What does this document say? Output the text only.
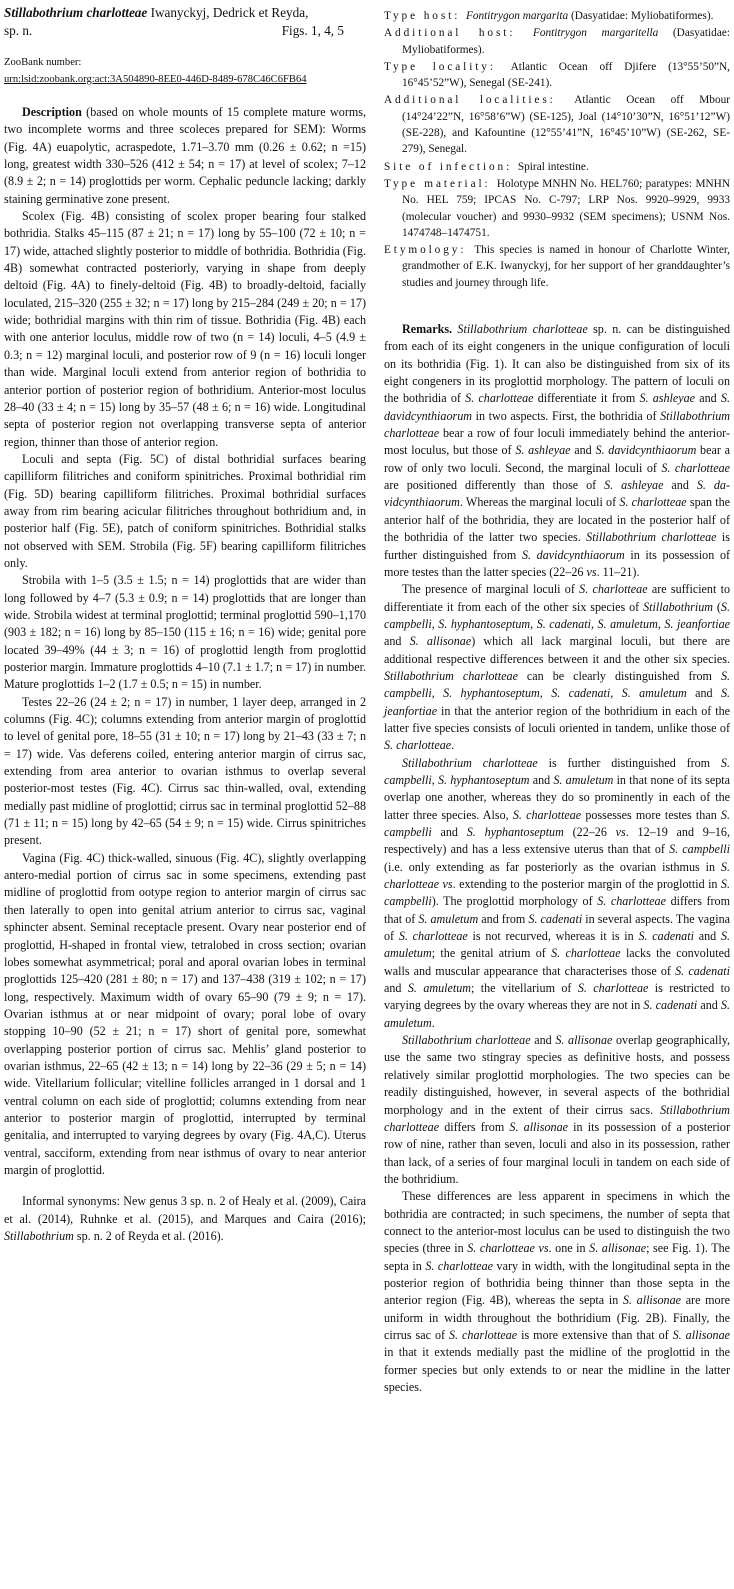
Stillabothrium charlotteae Iwanyckyj, Dedrick et Reyda,
sp. n.	Figs. 1, 4, 5
ZooBank number:
urn:lsid:zoobank.org:act:3A504890-8EE0-446D-8489-678C46C6FB64

Description (based on whole mounts of 15 complete mature worms, two incomplete worms and three scoleces prepared for SEM): Worms (Fig. 4A) euapolytic, acraspedote, 1.71–3.70 mm (0.26 ± 0.62; n =15) long, greatest width 330–526 (412 ± 54; n = 17) at level of scolex; 7–12 (8.9 ± 2; n = 14) proglottids per worm. Cephalic peduncle lacking; darkly staining germinative zone present.

Scolex (Fig. 4B) consisting of scolex proper bearing four stalked bothridia. Stalks 45–115 (87 ± 21; n = 17) long by 55–100 (72 ± 10; n = 17) wide, attached slightly posterior to middle of bothridia. Bothridia (Fig. 4B) somewhat contracted posteriorly, varying in shape from deeply deltoid (Fig. 4A) to finely-deltoid (Fig. 4B) to broadly-deltoid, facially loculated, 215–320 (255 ± 32; n = 17) long by 215–284 (249 ± 20; n = 17) wide; bothridial margins with thin rim of tissue. Bothridia (Fig. 4B) each with one anterior loculus, middle row of two (n = 14) loculi, 4–5 (4.9 ± 0.3; n = 12) marginal loculi, and posterior row of 9 (n = 16) loculi longer than wide. Marginal loculi extend from anterior region of bothridia to anterior portion of posterior region of bothridium. Anterior-most loculus 28–40 (33 ± 4; n = 15) long by 35–57 (48 ± 6; n = 16) wide. Longitudinal septa of posterior region not overlapping transverse septa of anterior region, thinner than those of anterior region.

Loculi and septa (Fig. 5C) of distal bothridial surfaces bearing capilliform filitriches and coniform spinitriches. Proximal bothridial rim (Fig. 5D) bearing capilliform filitriches. Proximal bothridial surfaces away from rim bearing acicular filitriches throughout bothridium and, in posterior half (Fig. 5E), patch of coniform spinitriches. Bothridial stalks not observed with SEM. Strobila (Fig. 5F) bearing capilliform filitriches only.

Strobila with 1–5 (3.5 ± 1.5; n = 14) proglottids that are wider than long followed by 4–7 (5.3 ± 0.9; n = 14) proglottids that are longer than wide. Strobila widest at terminal proglottid; terminal proglottid 590–1,170 (903 ± 182; n = 16) long by 85–150 (115 ± 16; n = 16) wide; genital pore located 39–49% (44 ± 3; n = 16) of proglottid length from proglottid posterior margin. Immature proglottids 4–10 (7.1 ± 1.7; n = 17) in number. Mature proglottids 1–2 (1.7 ± 0.5; n = 15) in number.

Testes 22–26 (24 ± 2; n = 17) in number, 1 layer deep, arranged in 2 columns (Fig. 4C); columns extending from anterior margin of proglottid to level of genital pore, 18–55 (31 ± 10; n = 17) long by 21–43 (33 ± 7; n = 17) wide. Vas deferens coiled, entering anterior margin of cirrus sac, extending from area anterior to ovarian isthmus to overlap several posterior-most testes (Fig. 4C). Cirrus sac thin-walled, oval, extending medially past midline of proglottid; cirrus sac in terminal proglottid 52–88 (71 ± 11; n = 15) long by 42–65 (54 ± 9; n = 15) wide. Cirrus spinitriches present.

Vagina (Fig. 4C) thick-walled, sinuous (Fig. 4C), slightly overlapping antero-medial portion of cirrus sac in some specimens, extending past midline of proglottid from ootype region to anterior margin of cirrus sac then laterally to open into genital atrium anterior to cirrus sac, vaginal sphincter absent. Seminal receptacle present. Ovary near posterior end of proglottid, H-shaped in frontal view, tetralobed in cross section; ovarian lobes somewhat asymmetrical; poral and aporal ovarian lobes in terminal proglottids 125–420 (281 ± 80; n = 17) and 137–438 (319 ± 102; n = 17) long, respectively. Maximum width of ovary 65–90 (79 ± 9; n = 17). Ovarian isthmus at or near midpoint of ovary; poral lobe of ovary stopping 10–90 (52 ± 21; n = 17) short of genital pore, somewhat overlapping posterior portion of cirrus sac. Mehlis’ gland posterior to ovarian isthmus, 22–65 (42 ± 13; n = 14) long by 22–36 (29 ± 5; n = 14) wide. Vitellarium follicular; vitelline follicles arranged in 1 dorsal and 1 ventral column on each side of proglottid; columns extending from near anterior to posterior margin of proglottid, interrupted by terminal genitalia, and interrupted to varying degrees by ovary (Fig. 4A,C). Uterus ventral, sacciform, extending from near isthmus of ovary to near anterior margin of proglottid.

Informal synonyms: New genus 3 sp. n. 2 of Healy et al. (2009), Caira et al. (2014), Ruhnke et al. (2015), and Marques and Caira (2016); Stillabothrium sp. n. 2 of Reyda et al. (2016).

Type host: Fontitrygon margarita (Dasyatidae: Myliobatiformes).
Additional host: Fontitrygon margaritella (Dasyatidae: Myliobatiformes).
Type locality: Atlantic Ocean off Djifere (13°55’50”N, 16°45’52”W), Senegal (SE-241).
Additional localities: Atlantic Ocean off Mbour (14°24’22”N, 16°58’6”W) (SE-125), Joal (14°10’30”N, 16°51’12”W) (SE-228), and Kafountine (12°55’41”N, 16°45’10”W) (SE-262, SE-279), Senegal.
Site of infection: Spiral intestine.
Type material: Holotype MNHN No. HEL760; paratypes: MNHN No. HEL 759; IPCAS No. C-797; LRP Nos. 9920–9929, 9933 (molecular voucher) and 9930–9932 (SEM specimens); USNM Nos. 1474748–1474751.
Etymology: This species is named in honour of Charlotte Winter, grandmother of E.K. Iwanyckyj, for her support of her granddaughter’s studies and journey through life.

Remarks. Stillabothrium charlotteae sp. n. can be distinguished from each of its eight congeners in the unique configuration of loculi on its bothridia (Fig. 1). It can also be distinguished from six of its eight congeners in its proglottid morphology. The pattern of loculi on the bothridia of S. charlotteae differentiate it from S. ashleyae and S. davidcynthiaorum in two aspects. First, the bothridia of Stillabothrium charlotteae bear a row of four loculi immediately behind the anterior-most loculus, but those of S. ashleyae and S. davidcynthiaorum bear a row of only two loculi. Second, the marginal loculi of S. charlotteae are positioned differently than those of S. ashleyae and S. davidcynthiaorum. Whereas the marginal loculi of S. charlotteae span the anterior half of the bothridia, they are located in the posterior half of the bothridia of the latter two species. Stillabothrium charlotteae is further distinguished from S. davidcynthiaorum in its possession of more testes than the latter species (22–26 vs. 11–21).

The presence of marginal loculi of S. charlotteae are sufficient to differentiate it from each of the other six species of Stillabothrium (S. campbelli, S. hyphantoseptum, S. cadenati, S. amuletum, S. jeanfortiae and S. allisonae) which all lack marginal loculi, but there are additional respective differences between it and the other six species. Stillabothrium charlotteae can be clearly distinguished from S. campbelli, S. hyphantoseptum, S. cadenati, S. amuletum and S. jeanfortiae in that the anterior region of the bothridium in each of the latter five species consists of loculi oriented in tandem, unlike those of S. charlotteae.

Stillabothrium charlotteae is further distinguished from S. campbelli, S. hyphantoseptum and S. amuletum in that none of its septa overlap one another, whereas they do so prominently in each of the latter three species. Also, S. charlotteae possesses more testes than S. campbelli and S. hyphantoseptum (22–26 vs. 12–19 and 9–16, respectively) and has a less extensive uterus than that of S. campbelli (i.e. only extending as far posteriorly as the ovarian isthmus in S. charlotteae vs. extending to the posterior margin of the proglottid in S. campbelli). The proglottid morphology of S. charlotteae differs from that of S. amuletum and from S. cadenati in several aspects. The vagina of S. charlotteae is not recurved, whereas it is in S. cadenati and S. amuletum; the genital atrium of S. charlotteae lacks the convoluted walls and muscular appearance that characterises those of S. cadenati and S. amuletum; the vitellarium of S. charlotteae is restricted to varying degrees by the ovary whereas they are not in S. cadenati and S. amuletum.

Stillabothrium charlotteae and S. allisonae overlap geographically, use the same two stingray species as definitive hosts, and possess relatively similar proglottid morphologies. The two species can be readily distinguished, however, in several aspects of the bothridial morphology and in the extent of their cirrus sacs. Stillabothrium charlotteae differs from S. allisonae in its possession of a posterior row of nine, rather than seven, loculi and also in its possession, rather than lack, of a series of four marginal loculi in tandem on each side of the bothridium.

These differences are less apparent in specimens in which the bothridia are contracted; in such specimens, the number of septa that connect to the anterior-most loculus can be used to distinguish the two species (three in S. charlotteae vs. one in S. allisonae; see Fig. 1). The septa in S. charlotteae vary in width, with the longitudinal septa in the posterior region of bothridia being thinner than those septa in the anterior region (Fig. 4B), whereas the septa in S. allisonae are more uniform in width throughout the bothridium (Fig. 2B). Finally, the cirrus sac of S. charlotteae is more extensive than that of S. allisonae in that it extends medially past the midline of the proglottid in the former species but only extends to or near the midline in the latter species.
